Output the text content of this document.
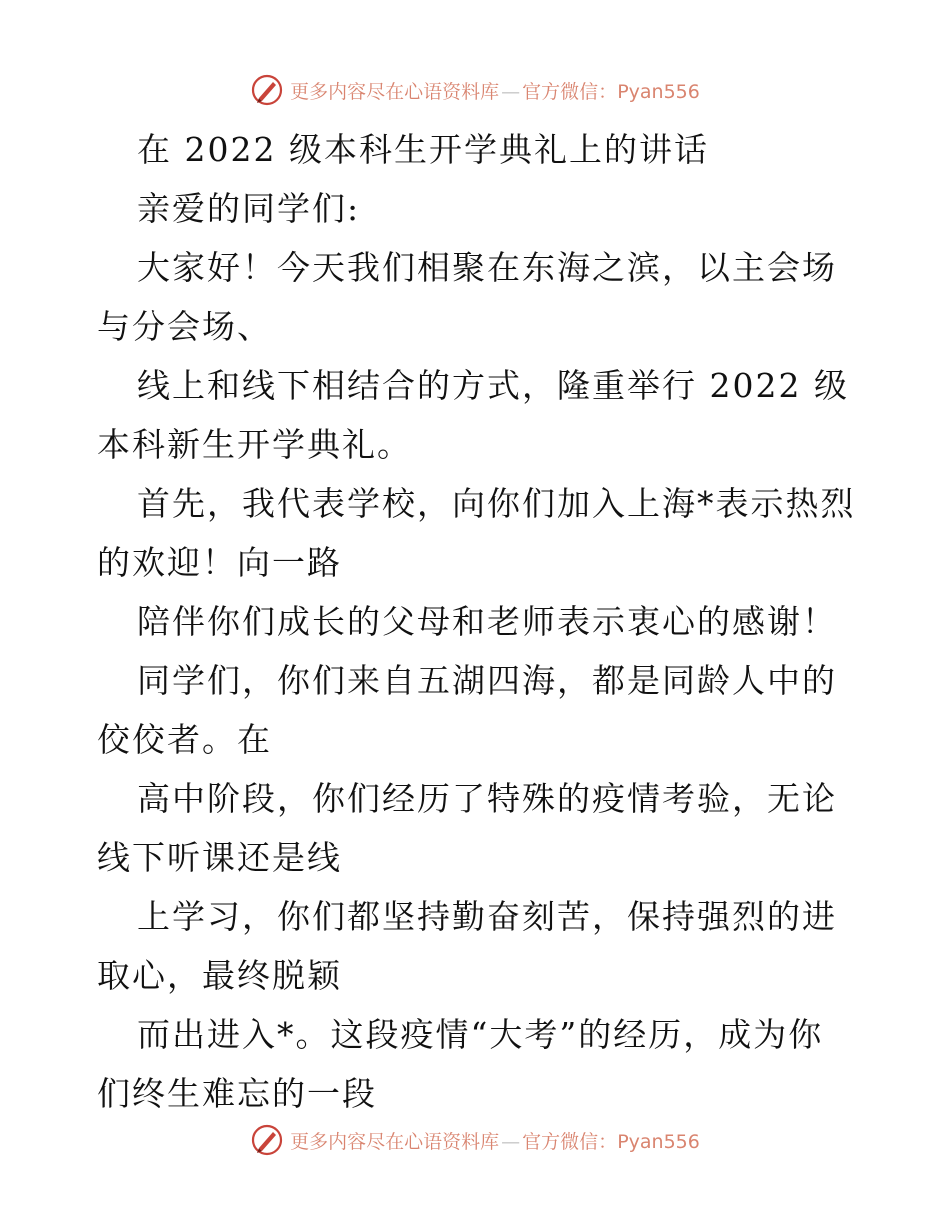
更多内容尽在心语资料库 — 官方微信：Pyan556

在 2022 级本科生开学典礼上的讲话

亲爱的同学们:

大家好！今天我们相聚在东海之滨，以主会场与分会场、

线上和线下相结合的方式，隆重举行 2022 级本科新生开学典礼。

首先，我代表学校，向你们加入上海*表示热烈的欢迎！向一路

陪伴你们成长的父母和老师表示衷心的感谢！

同学们，你们来自五湖四海，都是同龄人中的佼佼者。在

高中阶段，你们经历了特殊的疫情考验，无论线下听课还是线

上学习，你们都坚持勤奋刻苦，保持强烈的进取心，最终脱颖

而出进入*。这段疫情“大考”的经历，成为你们终生难忘的一段

更多内容尽在心语资料库 — 官方微信：Pyan556
